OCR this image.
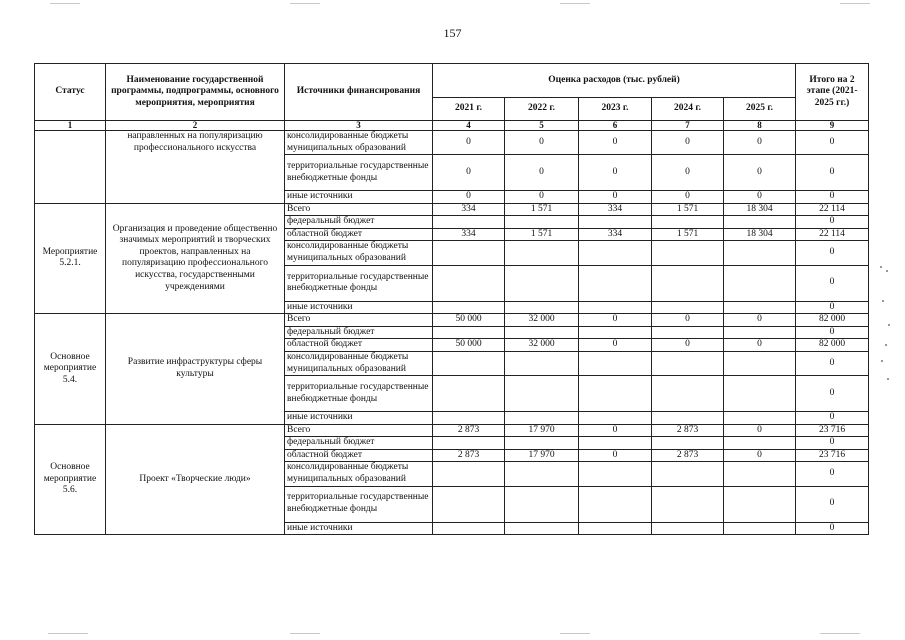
157
Статус	Наименование государственной программы, подпрограммы, основного мероприятия, мероприятия	Источники финансирования	Оценка расходов (тыс. рублей)					Итого на 2 этапе (2021-2025 гг.)
			2021 г.	2022 г.	2023 г.	2024 г.	2025 г.	
1	2	3	4	5	6	7	8	9
	направленных на популяризацию профессионального искусства	консолидированные бюджеты муниципальных образований	0	0	0	0	0	0
		территориальные государственные внебюджетные фонды	0	0	0	0	0	0
		иные источники	0	0	0	0	0	0
Мероприятие 5.2.1.	Организация и проведение общественно значимых мероприятий и творческих проектов, направленных на популяризацию профессионального искусства, государственными учреждениями	Всего	334	1 571	334	1 571	18 304	22 114
		федеральный бюджет						0
		областной бюджет	334	1 571	334	1 571	18 304	22 114
		консолидированные бюджеты муниципальных образований						0
		территориальные государственные внебюджетные фонды						0
		иные источники						0
Основное мероприятие 5.4.	Развитие инфраструктуры сферы культуры	Всего	50 000	32 000	0	0	0	82 000
		федеральный бюджет						0
		областной бюджет	50 000	32 000	0	0	0	82 000
		консолидированные бюджеты муниципальных образований						0
		территориальные государственные внебюджетные фонды						0
		иные источники						0
Основное мероприятие 5.6.	Проект «Творческие люди»	Всего	2 873	17 970	0	2 873	0	23 716
		федеральный бюджет						0
		областной бюджет	2 873	17 970	0	2 873	0	23 716
		консолидированные бюджеты муниципальных образований						0
		территориальные государственные внебюджетные фонды						0
		иные источники						0
